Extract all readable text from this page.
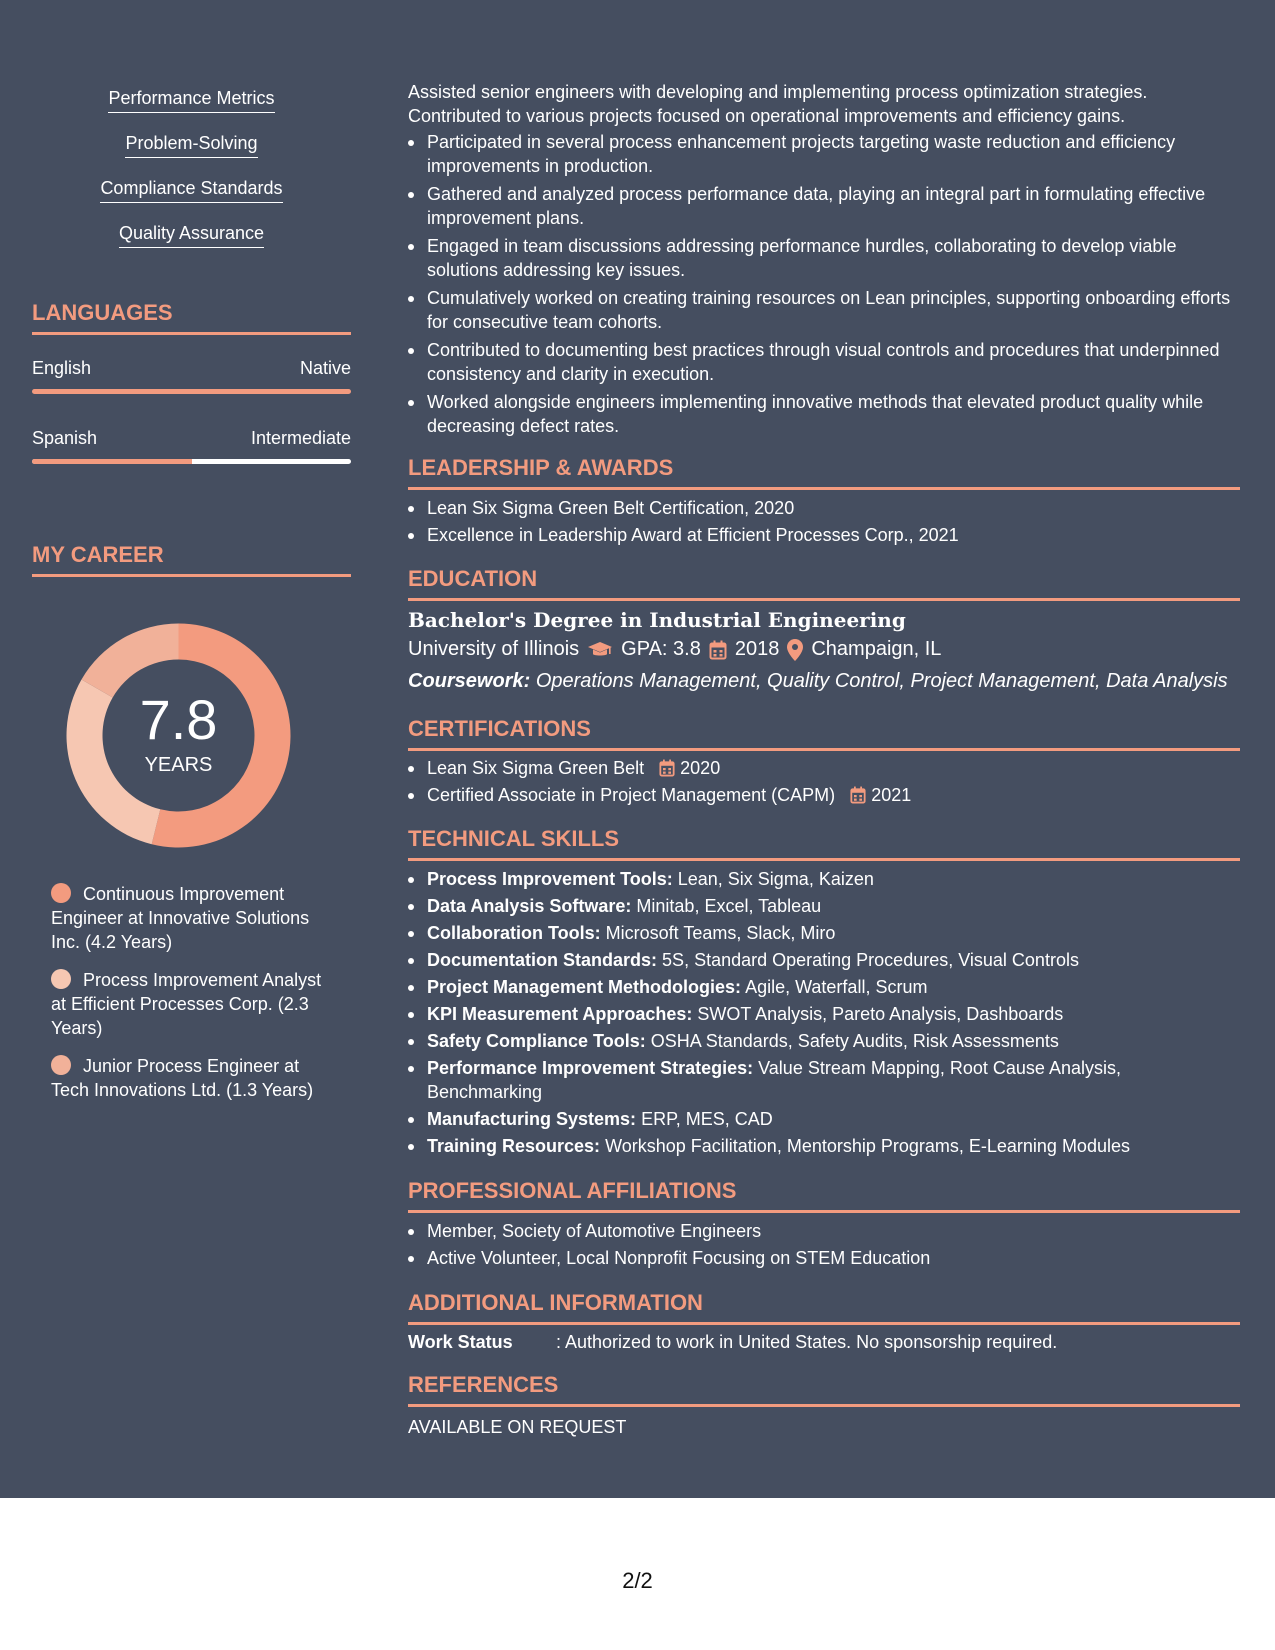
Performance Metrics
Problem-Solving
Compliance Standards
Quality Assurance
LANGUAGES
English	Native
Spanish	Intermediate
MY CAREER
7.8
YEARS
Continuous Improvement Engineer at Innovative Solutions Inc. (4.2 Years)
Process Improvement Analyst at Efficient Processes Corp. (2.3 Years)
Junior Process Engineer at Tech Innovations Ltd. (1.3 Years)
Assisted senior engineers with developing and implementing process optimization strategies. Contributed to various projects focused on operational improvements and efficiency gains.
Participated in several process enhancement projects targeting waste reduction and efficiency improvements in production.
Gathered and analyzed process performance data, playing an integral part in formulating effective improvement plans.
Engaged in team discussions addressing performance hurdles, collaborating to develop viable solutions addressing key issues.
Cumulatively worked on creating training resources on Lean principles, supporting onboarding efforts for consecutive team cohorts.
Contributed to documenting best practices through visual controls and procedures that underpinned consistency and clarity in execution.
Worked alongside engineers implementing innovative methods that elevated product quality while decreasing defect rates.
LEADERSHIP & AWARDS
Lean Six Sigma Green Belt Certification, 2020
Excellence in Leadership Award at Efficient Processes Corp., 2021
EDUCATION
Bachelor's Degree in Industrial Engineering
University of Illinois GPA: 3.8 2018 Champaign, IL
Coursework: Operations Management, Quality Control, Project Management, Data Analysis
CERTIFICATIONS
Lean Six Sigma Green Belt 2020
Certified Associate in Project Management (CAPM) 2021
TECHNICAL SKILLS
Process Improvement Tools: Lean, Six Sigma, Kaizen
Data Analysis Software: Minitab, Excel, Tableau
Collaboration Tools: Microsoft Teams, Slack, Miro
Documentation Standards: 5S, Standard Operating Procedures, Visual Controls
Project Management Methodologies: Agile, Waterfall, Scrum
KPI Measurement Approaches: SWOT Analysis, Pareto Analysis, Dashboards
Safety Compliance Tools: OSHA Standards, Safety Audits, Risk Assessments
Performance Improvement Strategies: Value Stream Mapping, Root Cause Analysis, Benchmarking
Manufacturing Systems: ERP, MES, CAD
Training Resources: Workshop Facilitation, Mentorship Programs, E-Learning Modules
PROFESSIONAL AFFILIATIONS
Member, Society of Automotive Engineers
Active Volunteer, Local Nonprofit Focusing on STEM Education
ADDITIONAL INFORMATION
Work Status	: Authorized to work in United States. No sponsorship required.
REFERENCES
AVAILABLE ON REQUEST
2/2
